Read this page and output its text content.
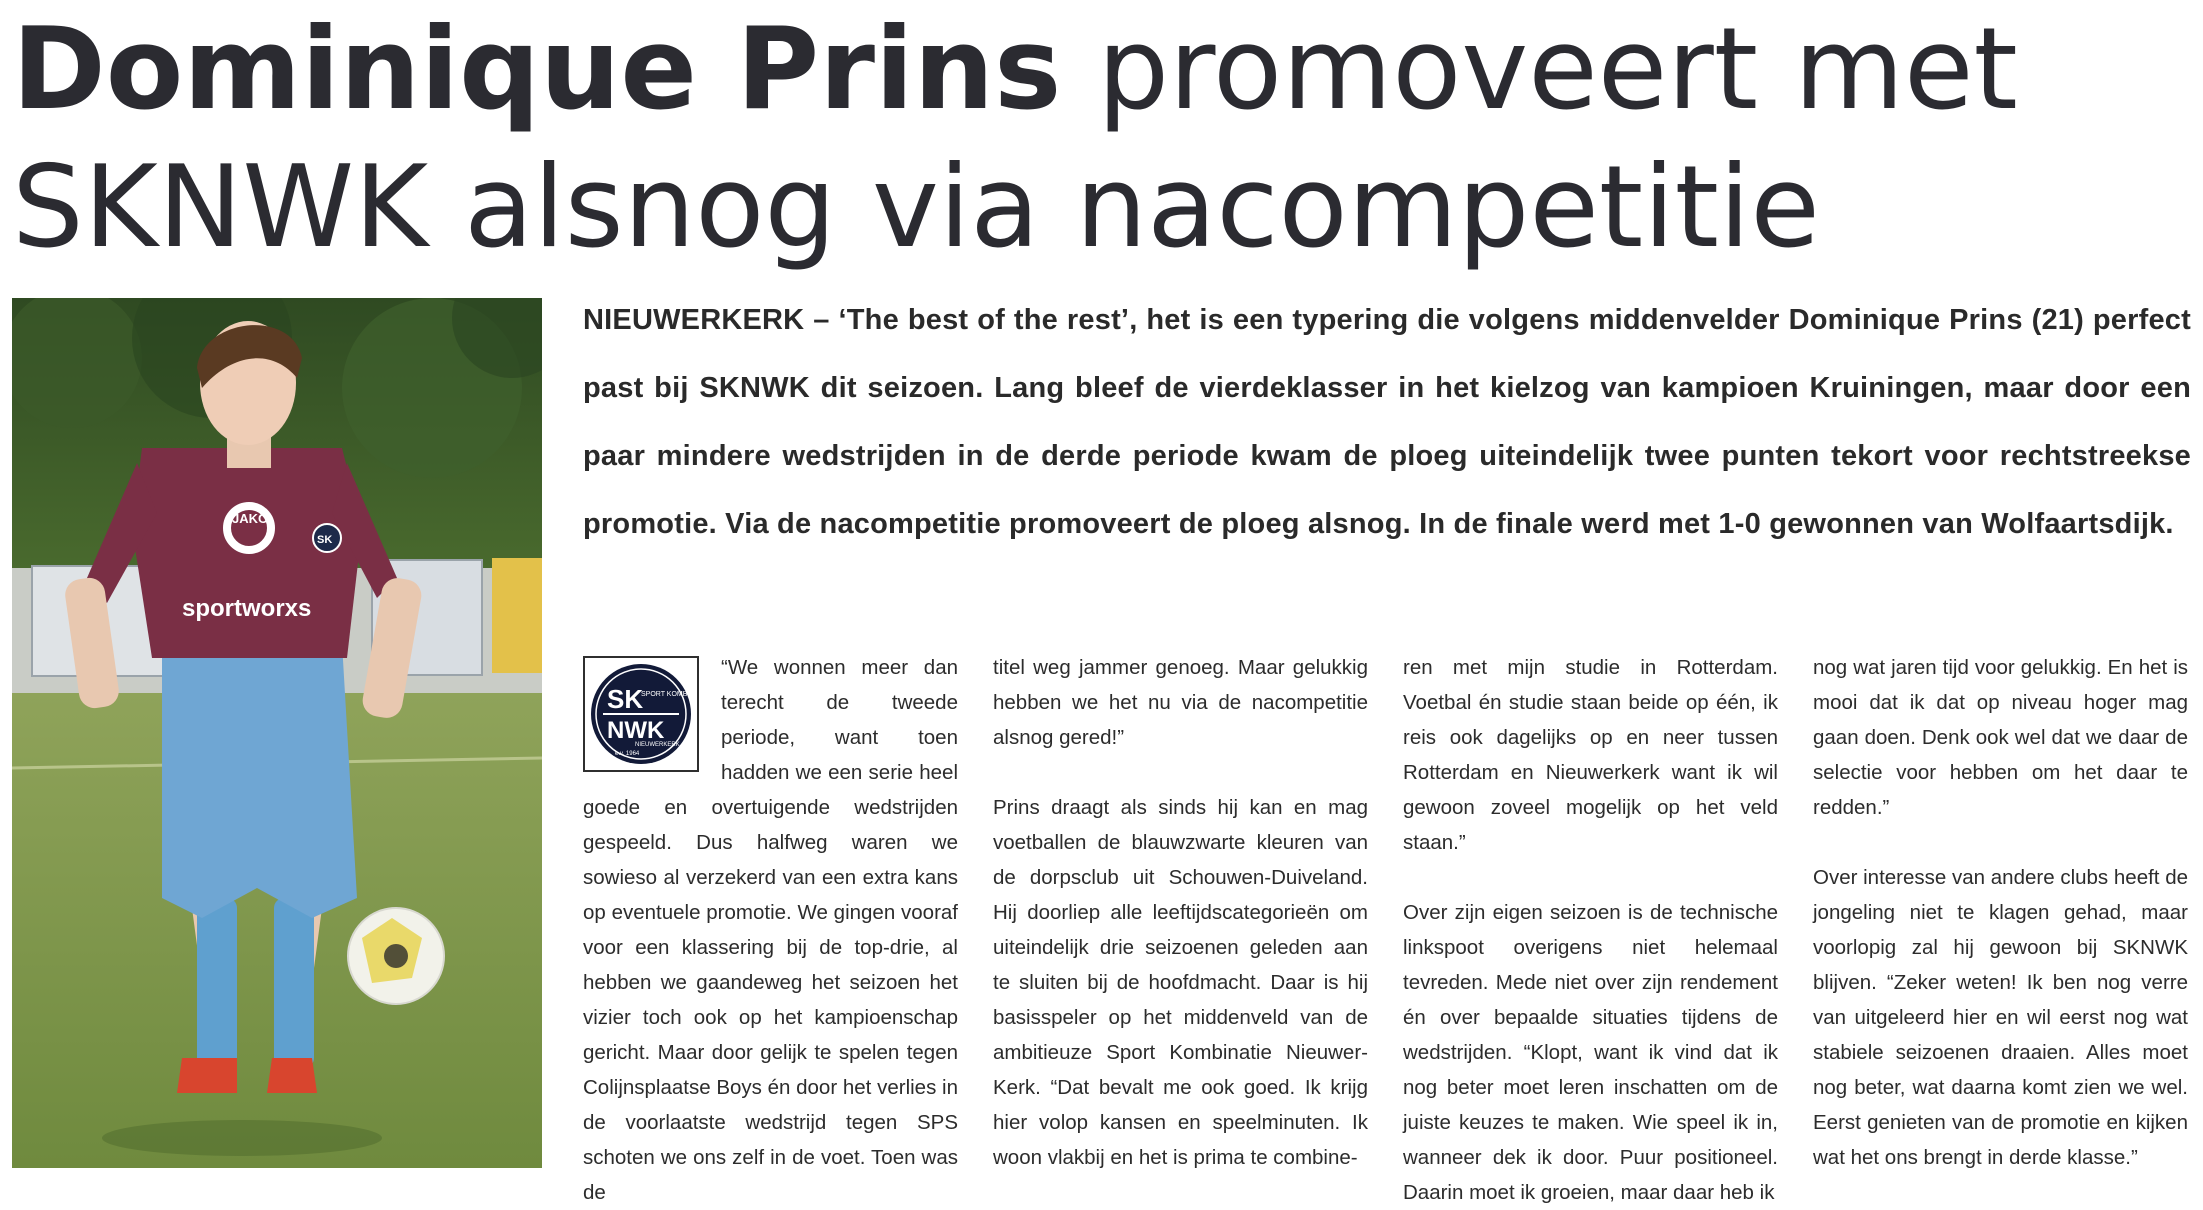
Dominique Prins promoveert met
SKNWK alsnog via nacompetitie
sportworxs
JAKO
SK
NIEUWERKERK – ‘The best of the rest’, het is een typering die volgens middenvelder Dominique Prins (21) perfect past bij SKNWK dit seizoen. Lang bleef de vierdeklasser in het kielzog van kampioen Kruiningen, maar door een paar mindere wedstrijden in de derde periode kwam de ploeg uiteindelijk twee punten tekort voor rechtstreekse promotie. Via de nacompetitie promoveert de ploeg alsnog. In de finale werd met 1-0 gewonnen van Wolfaartsdijk.
SK
SPORT KOMBI
NWK
NIEUWERKERK
e.v. 1964

“We wonnen meer dan terecht de tweede periode, want toen hadden we een serie heel goede en overtuigende wedstrijden gespeeld. Dus halfweg waren we sowieso al verzekerd van een extra kans op eventuele promotie. We gingen vooraf voor een klassering bij de top-drie, al hebben we gaandeweg het seizoen het vizier toch ook op het kampioenschap gericht. Maar door gelijk te spelen tegen Colijnsplaatse Boys én door het verlies in de voorlaatste wedstrijd tegen SPS schoten we ons zelf in de voet. Toen was de

titel weg jammer genoeg. Maar gelukkig hebben we het nu via de nacompetitie alsnog gered!”

Prins draagt als sinds hij kan en mag voetballen de blauwzwarte kleuren van de dorpsclub uit Schouwen-Duiveland. Hij doorliep alle leeftijdscategorieën om uiteindelijk drie seizoenen geleden aan te sluiten bij de hoofdmacht. Daar is hij basisspeler op het middenveld van de ambitieuze Sport Kombinatie Nieuwer-Kerk. “Dat bevalt me ook goed. Ik krijg hier volop kansen en speelminuten. Ik woon vlakbij en het is prima te combine-

ren met mijn studie in Rotterdam. Voetbal én studie staan beide op één, ik reis ook dagelijks op en neer tussen Rotterdam en Nieuwerkerk want ik wil gewoon zoveel mogelijk op het veld staan.”

Over zijn eigen seizoen is de technische linkspoot overigens niet helemaal tevreden. Mede niet over zijn rendement én over bepaalde situaties tijdens de wedstrijden. “Klopt, want ik vind dat ik nog beter moet leren inschatten om de juiste keuzes te maken. Wie speel ik in, wanneer dek ik door. Puur positioneel. Daarin moet ik groeien, maar daar heb ik

nog wat jaren tijd voor gelukkig. En het is mooi dat ik dat op niveau hoger mag gaan doen. Denk ook wel dat we daar de selectie voor hebben om het daar te redden.”

Over interesse van andere clubs heeft de jongeling niet te klagen gehad, maar voorlopig zal hij gewoon bij SKNWK blijven. “Zeker weten! Ik ben nog verre van uitgeleerd hier en wil eerst nog wat stabiele seizoenen draaien. Alles moet nog beter, wat daarna komt zien we wel. Eerst genieten van de promotie en kijken wat het ons brengt in derde klasse.”
